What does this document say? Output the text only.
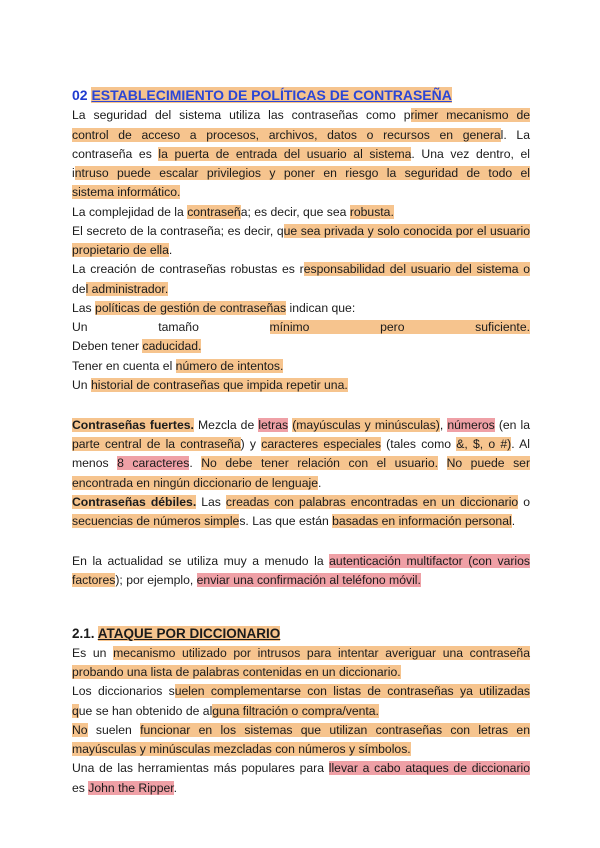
02 ESTABLECIMIENTO DE POLÍTICAS DE CONTRASEÑA
La seguridad del sistema utiliza las contraseñas como primer mecanismo de
control de acceso a procesos, archivos, datos o recursos en general. La
contraseña es la puerta de entrada del usuario al sistema. Una vez dentro, el
intruso puede escalar privilegios y poner en riesgo la seguridad de todo el
sistema informático.
La complejidad de la contraseña; es decir, que sea robusta.
El secreto de la contraseña; es decir, que sea privada y solo conocida por el usuario
propietario de ella.
La creación de contraseñas robustas es responsabilidad del usuario del sistema o
del administrador.
Las políticas de gestión de contraseñas indican que:
Un tamaño mínimo pero suficiente.
Deben tener caducidad.
Tener en cuenta el número de intentos.
Un historial de contraseñas que impida repetir una.
Contraseñas fuertes. Mezcla de letras (mayúsculas y minúsculas), números (en la
parte central de la contraseña) y caracteres especiales (tales como &, $, o #). Al
menos 8 caracteres. No debe tener relación con el usuario. No puede ser
encontrada en ningún diccionario de lenguaje.
Contraseñas débiles. Las creadas con palabras encontradas en un diccionario o
secuencias de números simples. Las que están basadas en información personal.
En la actualidad se utiliza muy a menudo la autenticación multifactor (con varios
factores); por ejemplo, enviar una confirmación al teléfono móvil.
Es un mecanismo utilizado por intrusos para intentar averiguar una contraseña
probando una lista de palabras contenidas en un diccionario.
Los diccionarios suelen complementarse con listas de contraseñas ya utilizadas
que se han obtenido de alguna filtración o compra/venta.
No suelen funcionar en los sistemas que utilizan contraseñas con letras en
mayúsculas y minúsculas mezcladas con números y símbolos.
Una de las herramientas más populares para llevar a cabo ataques de diccionario
es John the Ripper.
2.1. ATAQUE POR DICCIONARIO
